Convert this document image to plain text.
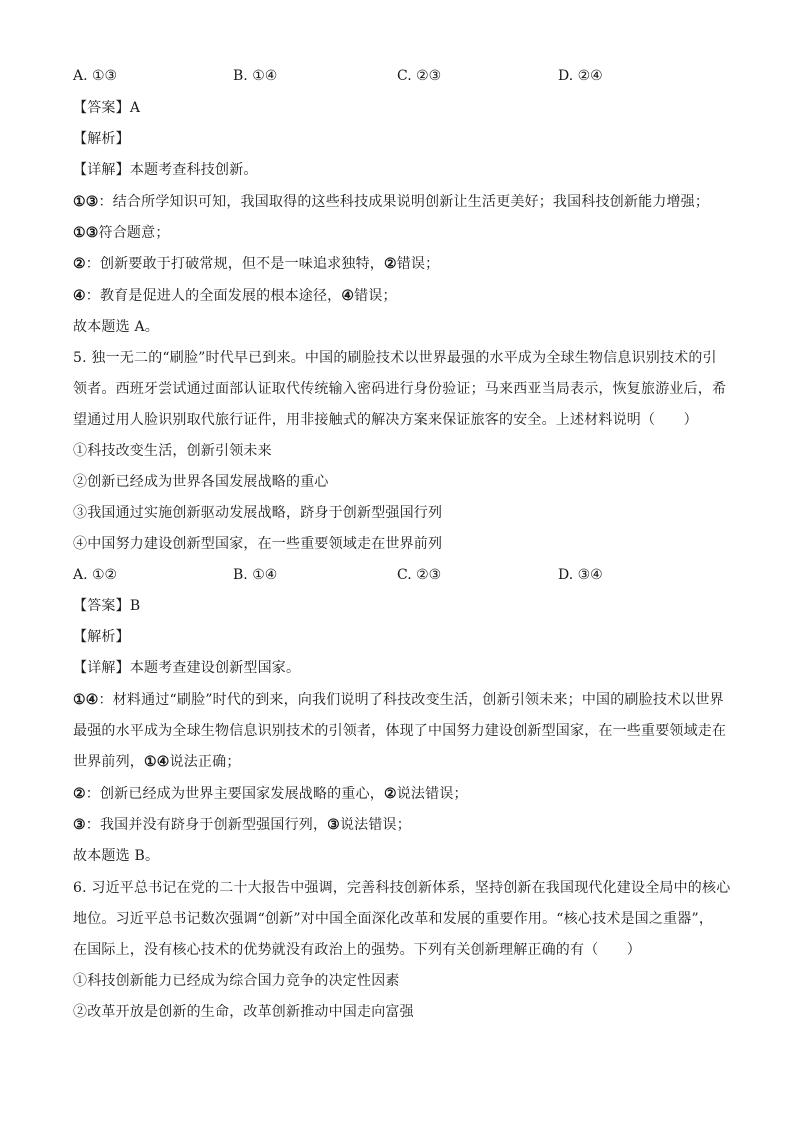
A. ①③	B. ①④	C. ②③	D. ②④
【答案】A
【解析】
【详解】本题考查科技创新。
①③：结合所学知识可知，我国取得的这些科技成果说明创新让生活更美好；我国科技创新能力增强；
①③符合题意；
②：创新要敢于打破常规，但不是一味追求独特，②错误；
④：教育是促进人的全面发展的根本途径，④错误；
故本题选 A。
5. 独一无二的“刷脸”时代早已到来。中国的刷脸技术以世界最强的水平成为全球生物信息识别技术的引
领者。西班牙尝试通过面部认证取代传统输入密码进行身份验证；马来西亚当局表示，恢复旅游业后，希
望通过用人脸识别取代旅行证件，用非接触式的解决方案来保证旅客的安全。上述材料说明（　　）
①科技改变生活，创新引领未来
②创新已经成为世界各国发展战略的重心
③我国通过实施创新驱动发展战略，跻身于创新型强国行列
④中国努力建设创新型国家，在一些重要领域走在世界前列
A. ①②	B. ①④	C. ②③	D. ③④
【答案】B
【解析】
【详解】本题考查建设创新型国家。
①④：材料通过“刷脸”时代的到来，向我们说明了科技改变生活，创新引领未来；中国的刷脸技术以世界
最强的水平成为全球生物信息识别技术的引领者，体现了中国努力建设创新型国家，在一些重要领域走在
世界前列，①④说法正确；
②：创新已经成为世界主要国家发展战略的重心，②说法错误；
③：我国并没有跻身于创新型强国行列，③说法错误；
故本题选 B。
6. 习近平总书记在党的二十大报告中强调，完善科技创新体系，坚持创新在我国现代化建设全局中的核心
地位。习近平总书记数次强调“创新”对中国全面深化改革和发展的重要作用。“核心技术是国之重器”，
在国际上，没有核心技术的优势就没有政治上的强势。下列有关创新理解正确的有（　　）
①科技创新能力已经成为综合国力竞争的决定性因素
②改革开放是创新的生命，改革创新推动中国走向富强
